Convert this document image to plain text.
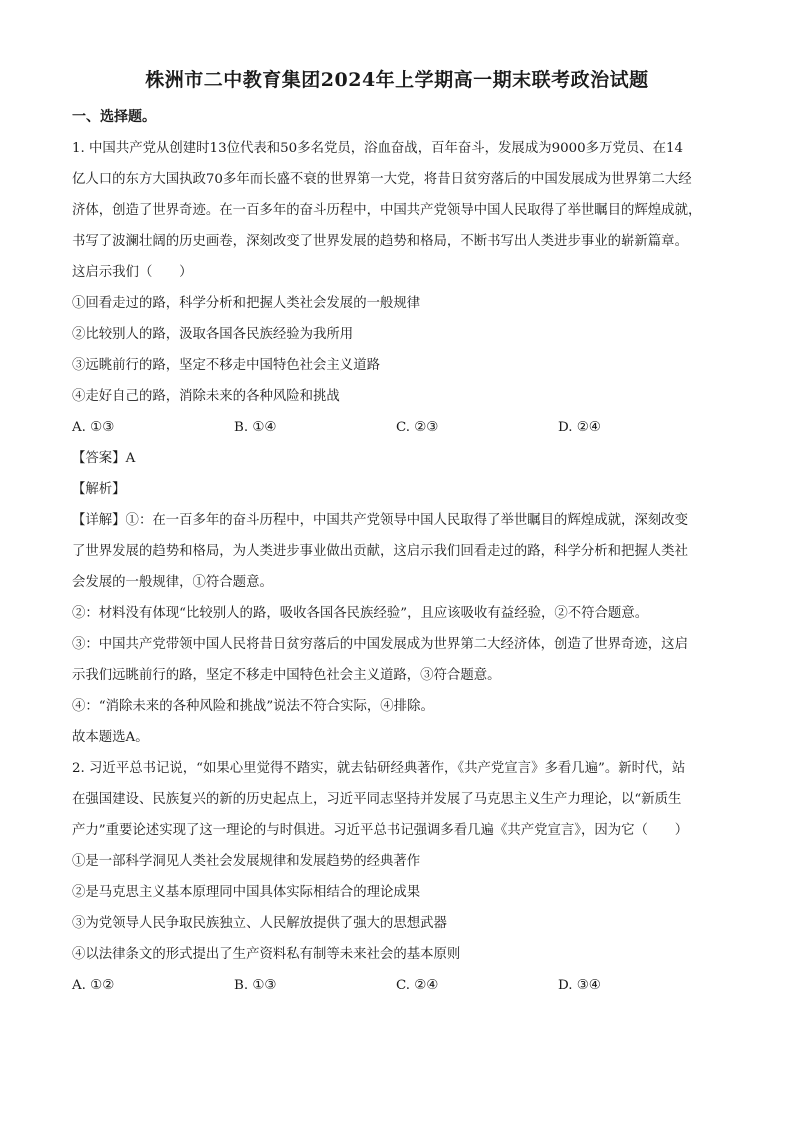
株洲市二中教育集团2024年上学期高一期末联考政治试题

一、选择题。

1. 中国共产党从创建时13位代表和50多名党员，浴血奋战，百年奋斗，发展成为9000多万党员、在14

亿人口的东方大国执政70多年而长盛不衰的世界第一大党，将昔日贫穷落后的中国发展成为世界第二大经

济体，创造了世界奇迹。在一百多年的奋斗历程中，中国共产党领导中国人民取得了举世瞩目的辉煌成就，

书写了波澜壮阔的历史画卷，深刻改变了世界发展的趋势和格局，不断书写出人类进步事业的崭新篇章。

这启示我们（　　）

①回看走过的路，科学分析和把握人类社会发展的一般规律

②比较别人的路，汲取各国各民族经验为我所用

③远眺前行的路，坚定不移走中国特色社会主义道路

④走好自己的路，消除未来的各种风险和挑战

A. ①③	B. ①④	C. ②③	D. ②④

【答案】A

【解析】

【详解】①：在一百多年的奋斗历程中，中国共产党领导中国人民取得了举世瞩目的辉煌成就，深刻改变

了世界发展的趋势和格局，为人类进步事业做出贡献，这启示我们回看走过的路，科学分析和把握人类社

会发展的一般规律，①符合题意。

②：材料没有体现“比较别人的路，吸收各国各民族经验”，且应该吸收有益经验，②不符合题意。

③：中国共产党带领中国人民将昔日贫穷落后的中国发展成为世界第二大经济体，创造了世界奇迹，这启

示我们远眺前行的路，坚定不移走中国特色社会主义道路，③符合题意。

④：“消除未来的各种风险和挑战”说法不符合实际，④排除。

故本题选A。

2. 习近平总书记说，“如果心里觉得不踏实，就去钻研经典著作，《共产党宣言》多看几遍”。新时代，站

在强国建设、民族复兴的新的历史起点上，习近平同志坚持并发展了马克思主义生产力理论，以“新质生

产力”重要论述实现了这一理论的与时俱进。习近平总书记强调多看几遍《共产党宣言》，因为它（　　）

①是一部科学洞见人类社会发展规律和发展趋势的经典著作

②是马克思主义基本原理同中国具体实际相结合的理论成果

③为党领导人民争取民族独立、人民解放提供了强大的思想武器

④以法律条文的形式提出了生产资料私有制等未来社会的基本原则

A. ①②	B. ①③	C. ②④	D. ③④
